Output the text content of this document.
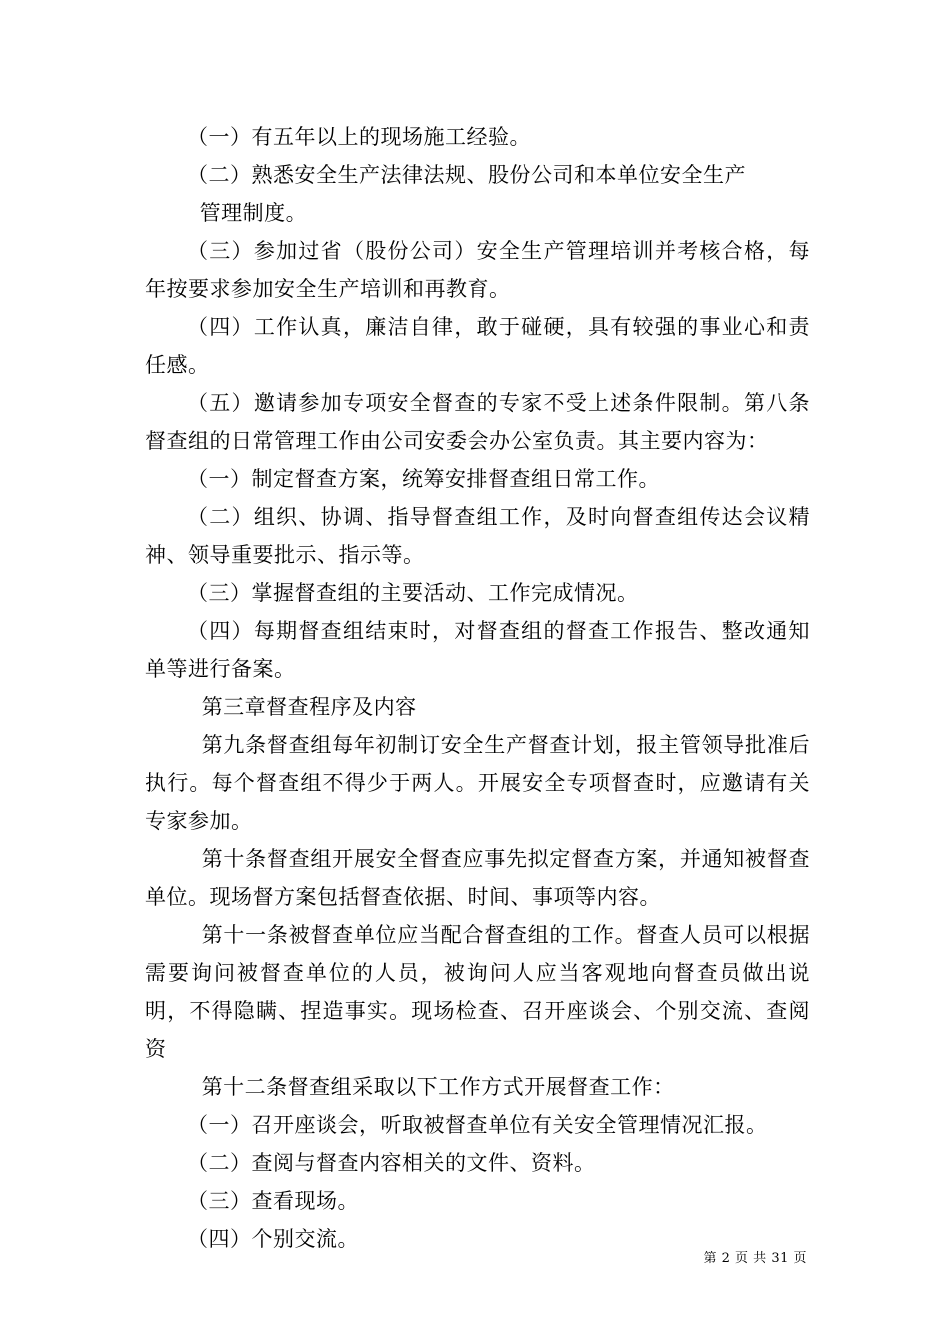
（一）有五年以上的现场施工经验。

（二）熟悉安全生产法律法规、股份公司和本单位安全生产

管理制度。

（三）参加过省（股份公司）安全生产管理培训并考核合格，每年按要求参加安全生产培训和再教育。

（四）工作认真，廉洁自律，敢于碰硬，具有较强的事业心和责任感。

（五）邀请参加专项安全督查的专家不受上述条件限制。第八条督查组的日常管理工作由公司安委会办公室负责。其主要内容为：

（一）制定督查方案，统筹安排督查组日常工作。

（二）组织、协调、指导督查组工作，及时向督查组传达会议精神、领导重要批示、指示等。

（三）掌握督查组的主要活动、工作完成情况。

（四）每期督查组结束时，对督查组的督查工作报告、整改通知单等进行备案。

第三章督查程序及内容

第九条督查组每年初制订安全生产督查计划，报主管领导批准后执行。每个督查组不得少于两人。开展安全专项督查时，应邀请有关专家参加。

第十条督查组开展安全督查应事先拟定督查方案，并通知被督查单位。现场督方案包括督查依据、时间、事项等内容。

第十一条被督查单位应当配合督查组的工作。督查人员可以根据需要询问被督查单位的人员，被询问人应当客观地向督查员做出说明，不得隐瞒、捏造事实。现场检查、召开座谈会、个别交流、查阅资

第十二条督查组采取以下工作方式开展督查工作：

（一）召开座谈会，听取被督查单位有关安全管理情况汇报。

（二）查阅与督查内容相关的文件、资料。

（三）查看现场。

（四）个别交流。

第 2 页 共 31 页
